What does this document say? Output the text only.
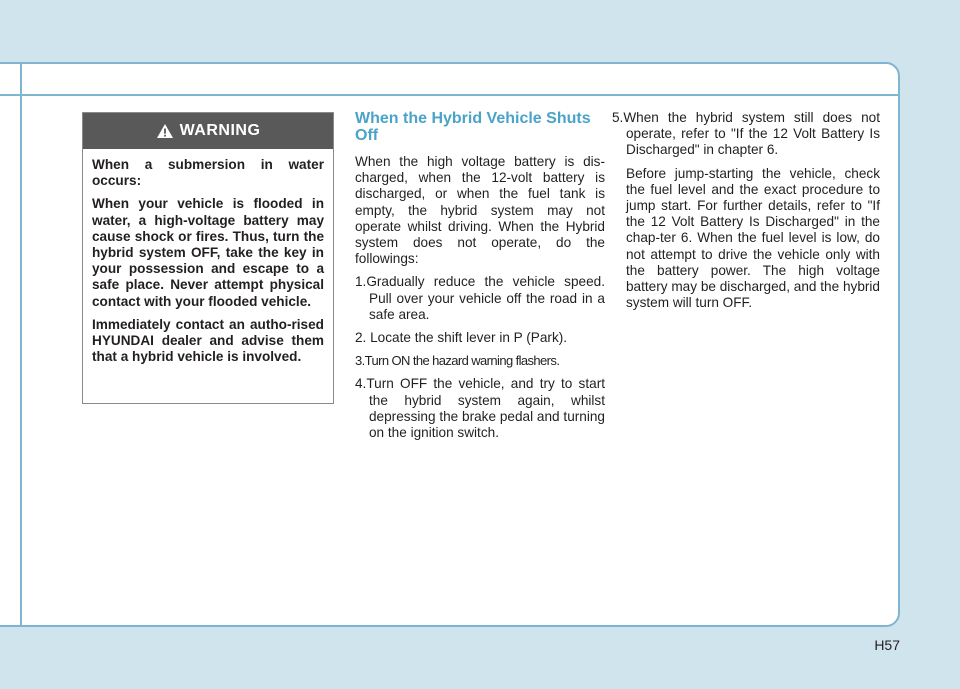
WARNING

When a submersion in water occurs:

When your vehicle is flooded in water, a high-voltage battery may cause shock or fires. Thus, turn the hybrid system OFF, take the key in your possession and escape to a safe place. Never attempt physical contact with your flooded vehicle.

Immediately contact an autho-rised HYUNDAI dealer and advise them that a hybrid vehicle is involved.

When the Hybrid Vehicle Shuts Off

When the high voltage battery is dis-charged, when the 12-volt battery is discharged, or when the fuel tank is empty, the hybrid system may not operate whilst driving. When the Hybrid system does not operate, do the followings:

1.Gradually reduce the vehicle speed. Pull over your vehicle off the road in a safe area.

2. Locate the shift lever in P (Park).

3.Turn ON the hazard warning flashers.

4.Turn OFF the vehicle, and try to start the hybrid system again, whilst depressing the brake pedal and turning on the ignition switch.

5.When the hybrid system still does not operate, refer to "If the 12 Volt Battery Is Discharged" in chapter 6.

Before jump-starting the vehicle, check the fuel level and the exact procedure to jump start. For further details, refer to "If the 12 Volt Battery Is Discharged" in the chap-ter 6. When the fuel level is low, do not attempt to drive the vehicle only with the battery power. The high voltage battery may be discharged, and the hybrid system will turn OFF.

H57
